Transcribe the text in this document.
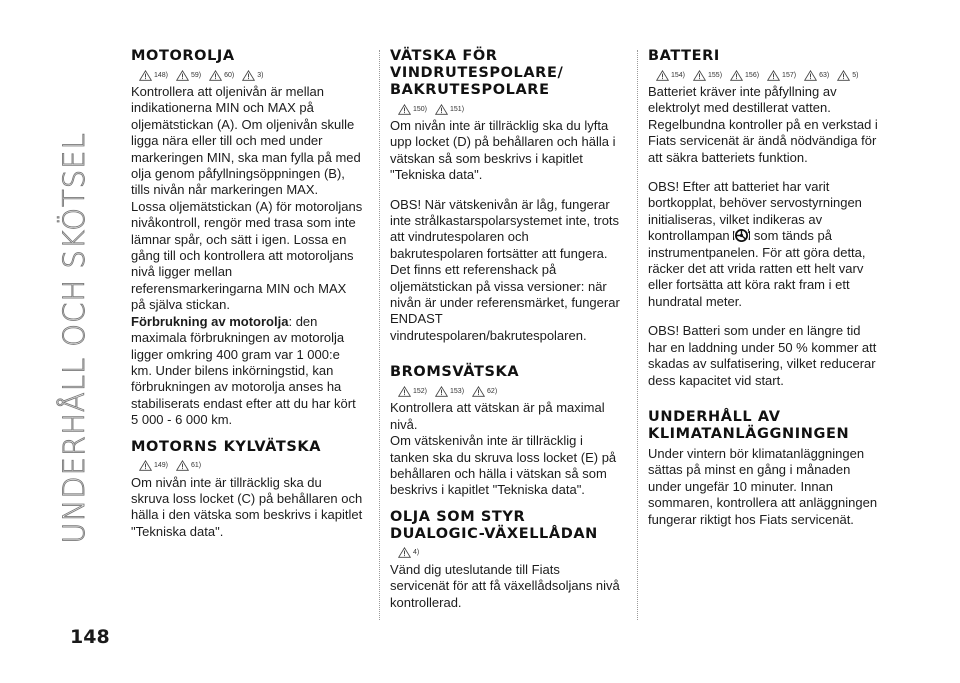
UNDERHÅLL OCH SKÖTSEL
148
MOTOROLJA
148)	59)	60)	3)

Kontrollera att oljenivån är mellan indikationerna MIN och MAX på oljemätstickan (A). Om oljenivån skulle ligga nära eller till och med under markeringen MIN, ska man fylla på med olja genom påfyllningsöppningen (B), tills nivån når markeringen MAX.

Lossa oljemätstickan (A) för motoroljans nivåkontroll, rengör med trasa som inte lämnar spår, och sätt i igen. Lossa en gång till och kontrollera att motoroljans nivå ligger mellan referensmarkeringarna MIN och MAX på själva stickan.

Förbrukning av motorolja: den maximala förbrukningen av motorolja ligger omkring 400 gram var 1 000:e km. Under bilens inkörningstid, kan förbrukningen av motorolja anses ha stabiliserats endast efter att du har kört 5 000 - 6 000 km.

MOTORNS KYLVÄTSKA
149)	61)

Om nivån inte är tillräcklig ska du skruva loss locket (C) på behållaren och hälla i den vätska som beskrivs i kapitlet "Tekniska data".

VÄTSKA FÖR
VINDRUTESPOLARE/
BAKRUTESPOLARE
150)	151)

Om nivån inte är tillräcklig ska du lyfta upp locket (D) på behållaren och hälla i vätskan så som beskrivs i kapitlet "Tekniska data".

OBS! När vätskenivån är låg, fungerar inte strålkastarspolarsystemet inte, trots att vindrutespolaren och bakrutespolaren fortsätter att fungera. Det finns ett referenshack på oljemätstickan på vissa versioner: när nivån är under referensmärket, fungerar ENDAST vindrutespolaren/bakrutespolaren.

BROMSVÄTSKA
152)	153)	62)

Kontrollera att vätskan är på maximal nivå.

Om vätskenivån inte är tillräcklig i tanken ska du skruva loss locket (E) på behållaren och hälla i vätskan så som beskrivs i kapitlet "Tekniska data".

OLJA SOM STYR
DUALOGIC-VÄXELLÅDAN
4)

Vänd dig uteslutande till Fiats servicenät för att få växellådsoljans nivå kontrollerad.

BATTERI
154)	155)	156)	157)	63)	5)

Batteriet kräver inte påfyllning av elektrolyt med destillerat vatten. Regelbundna kontroller på en verkstad i Fiats servicenät är ändå nödvändiga för att säkra batteriets funktion.

OBS! Efter att batteriet har varit bortkopplat, behöver servostyrningen initialiseras, vilket indikeras av kontrollampan	! som tänds på instrumentpanelen. För att göra detta, räcker det att vrida ratten ett helt varv eller fortsätta att köra rakt fram i ett hundratal meter.

OBS! Batteri som under en längre tid har en laddning under 50 % kommer att skadas av sulfatisering, vilket reducerar dess kapacitet vid start.

UNDERHÅLL AV
KLIMATANLÄGGNINGEN

Under vintern bör klimatanläggningen sättas på minst en gång i månaden under ungefär 10 minuter. Innan sommaren, kontrollera att anläggningen fungerar riktigt hos Fiats servicenät.
